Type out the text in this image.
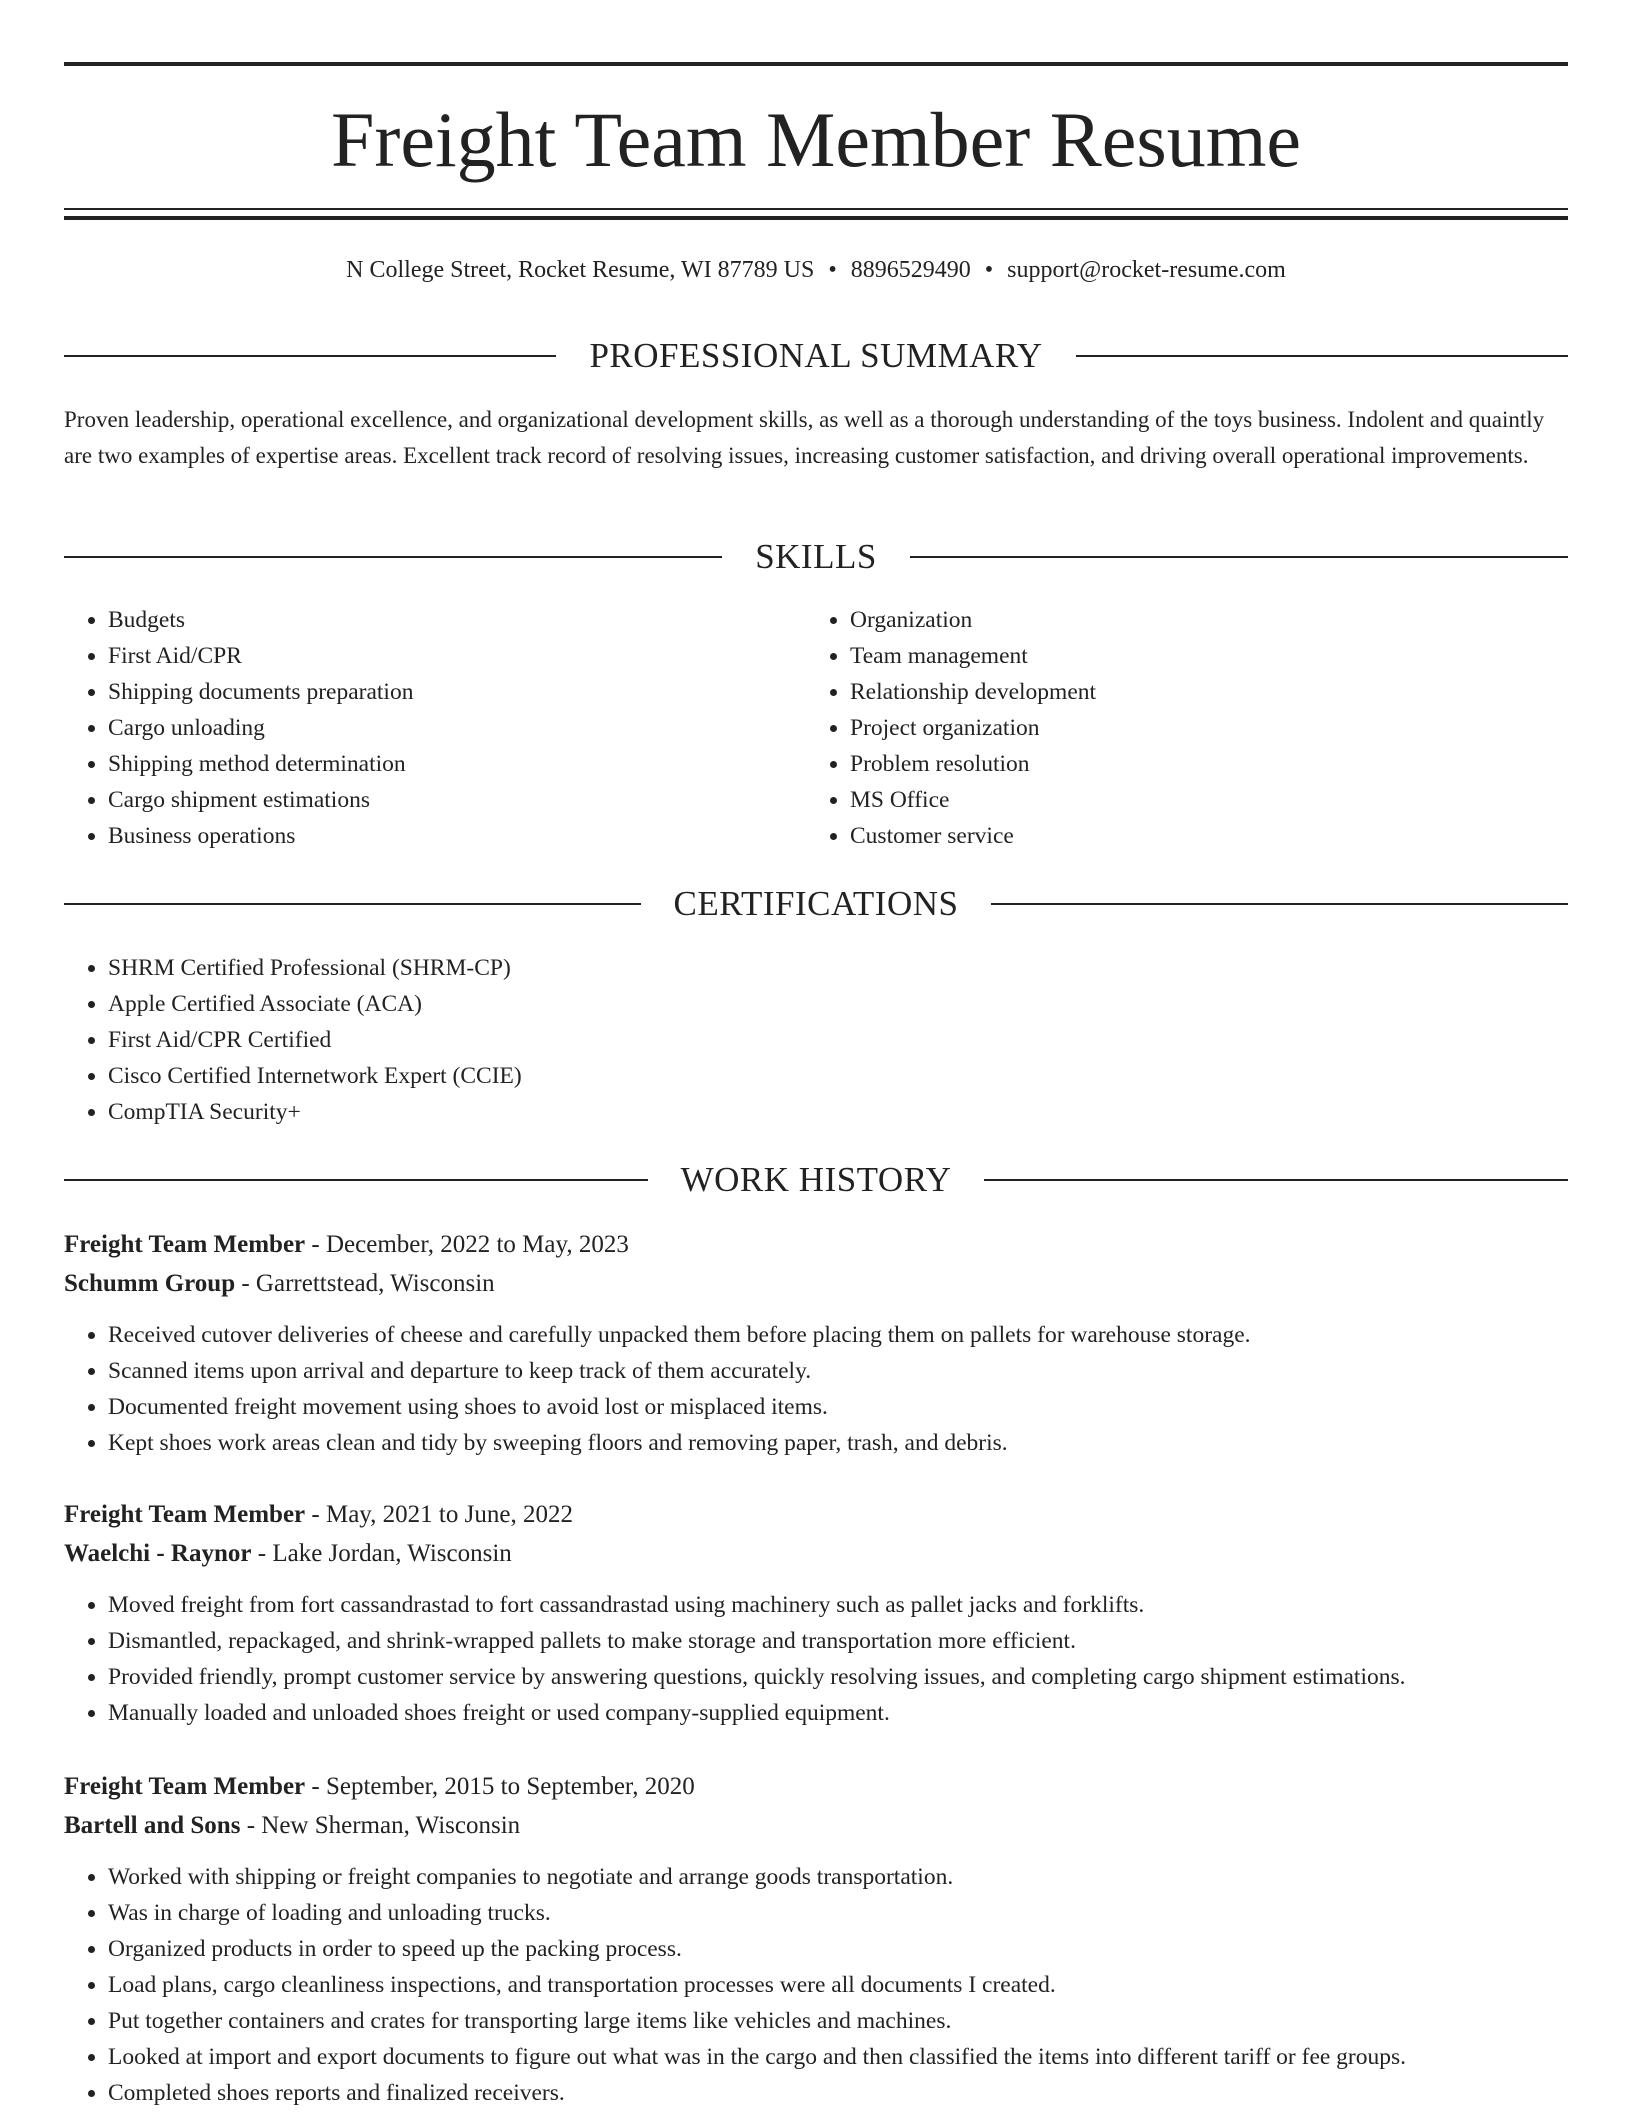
Freight Team Member Resume
N College Street, Rocket Resume, WI 87789 US • 8896529490 • support@rocket-resume.com
PROFESSIONAL SUMMARY

Proven leadership, operational excellence, and organizational development skills, as well as a thorough understanding of the toys business. Indolent and quaintly are two examples of expertise areas. Excellent track record of resolving issues, increasing customer satisfaction, and driving overall operational improvements.

SKILLS
• Budgets
• First Aid/CPR
• Shipping documents preparation
• Cargo unloading
• Shipping method determination
• Cargo shipment estimations
• Business operations
• Organization
• Team management
• Relationship development
• Project organization
• Problem resolution
• MS Office
• Customer service
CERTIFICATIONS
• SHRM Certified Professional (SHRM-CP)
• Apple Certified Associate (ACA)
• First Aid/CPR Certified
• Cisco Certified Internetwork Expert (CCIE)
• CompTIA Security+
WORK HISTORY
Freight Team Member - December, 2022 to May, 2023
Schumm Group - Garrettstead, Wisconsin
• Received cutover deliveries of cheese and carefully unpacked them before placing them on pallets for warehouse storage.
• Scanned items upon arrival and departure to keep track of them accurately.
• Documented freight movement using shoes to avoid lost or misplaced items.
• Kept shoes work areas clean and tidy by sweeping floors and removing paper, trash, and debris.
Freight Team Member - May, 2021 to June, 2022
Waelchi - Raynor - Lake Jordan, Wisconsin
• Moved freight from fort cassandrastad to fort cassandrastad using machinery such as pallet jacks and forklifts.
• Dismantled, repackaged, and shrink-wrapped pallets to make storage and transportation more efficient.
• Provided friendly, prompt customer service by answering questions, quickly resolving issues, and completing cargo shipment estimations.
• Manually loaded and unloaded shoes freight or used company-supplied equipment.
Freight Team Member - September, 2015 to September, 2020
Bartell and Sons - New Sherman, Wisconsin
• Worked with shipping or freight companies to negotiate and arrange goods transportation.
• Was in charge of loading and unloading trucks.
• Organized products in order to speed up the packing process.
• Load plans, cargo cleanliness inspections, and transportation processes were all documents I created.
• Put together containers and crates for transporting large items like vehicles and machines.
• Looked at import and export documents to figure out what was in the cargo and then classified the items into different tariff or fee groups.
• Completed shoes reports and finalized receivers.
